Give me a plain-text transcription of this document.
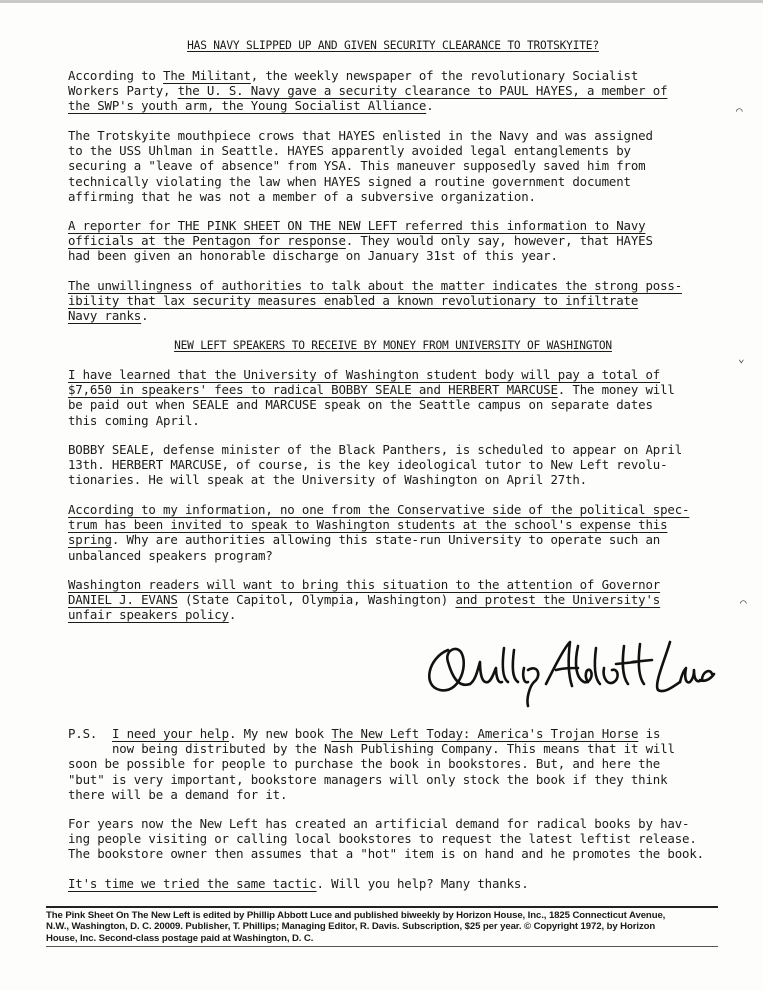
HAS NAVY SLIPPED UP AND GIVEN SECURITY CLEARANCE TO TROTSKYITE?
According to The Militant, the weekly newspaper of the revolutionary Socialist
Workers Party, the U. S. Navy gave a security clearance to PAUL HAYES, a member of
the SWP's youth arm, the Young Socialist Alliance.
The Trotskyite mouthpiece crows that HAYES enlisted in the Navy and was assigned
to the USS Uhlman in Seattle. HAYES apparently avoided legal entanglements by
securing a "leave of absence" from YSA. This maneuver supposedly saved him from
technically violating the law when HAYES signed a routine government document
affirming that he was not a member of a subversive organization.
A reporter for THE PINK SHEET ON THE NEW LEFT referred this information to Navy
officials at the Pentagon for response. They would only say, however, that HAYES
had been given an honorable discharge on January 31st of this year.
The unwillingness of authorities to talk about the matter indicates the strong poss-
ibility that lax security measures enabled a known revolutionary to infiltrate
Navy ranks.
NEW LEFT SPEAKERS TO RECEIVE BY MONEY FROM UNIVERSITY OF WASHINGTON
I have learned that the University of Washington student body will pay a total of
$7,650 in speakers' fees to radical BOBBY SEALE and HERBERT MARCUSE. The money will
be paid out when SEALE and MARCUSE speak on the Seattle campus on separate dates
this coming April.
BOBBY SEALE, defense minister of the Black Panthers, is scheduled to appear on April
13th. HERBERT MARCUSE, of course, is the key ideological tutor to New Left revolu-
tionaries. He will speak at the University of Washington on April 27th.
According to my information, no one from the Conservative side of the political spec-
trum has been invited to speak to Washington students at the school's expense this
spring. Why are authorities allowing this state-run University to operate such an
unbalanced speakers program?
Washington readers will want to bring this situation to the attention of Governor
DANIEL J. EVANS (State Capitol, Olympia, Washington) and protest the University's
unfair speakers policy.
P.S.	I need your help. My new book The New Left Today: America's Trojan Horse is
now being distributed by the Nash Publishing Company. This means that it will
soon be possible for people to purchase the book in bookstores. But, and here the
"but" is very important, bookstore managers will only stock the book if they think
there will be a demand for it.
For years now the New Left has created an artificial demand for radical books by hav-
ing people visiting or calling local bookstores to request the latest leftist release.
The bookstore owner then assumes that a "hot" item is on hand and he promotes the book.
It's time we tried the same tactic. Will you help? Many thanks.
⌒
⌄
⌒
The Pink Sheet On The New Left is edited by Phillip Abbott Luce and published biweekly by Horizon House, Inc., 1825 Connecticut Avenue,
N.W., Washington, D. C. 20009. Publisher, T. Phillips; Managing Editor, R. Davis. Subscription, $25 per year. © Copyright 1972, by Horizon
House, Inc. Second-class postage paid at Washington, D. C.
